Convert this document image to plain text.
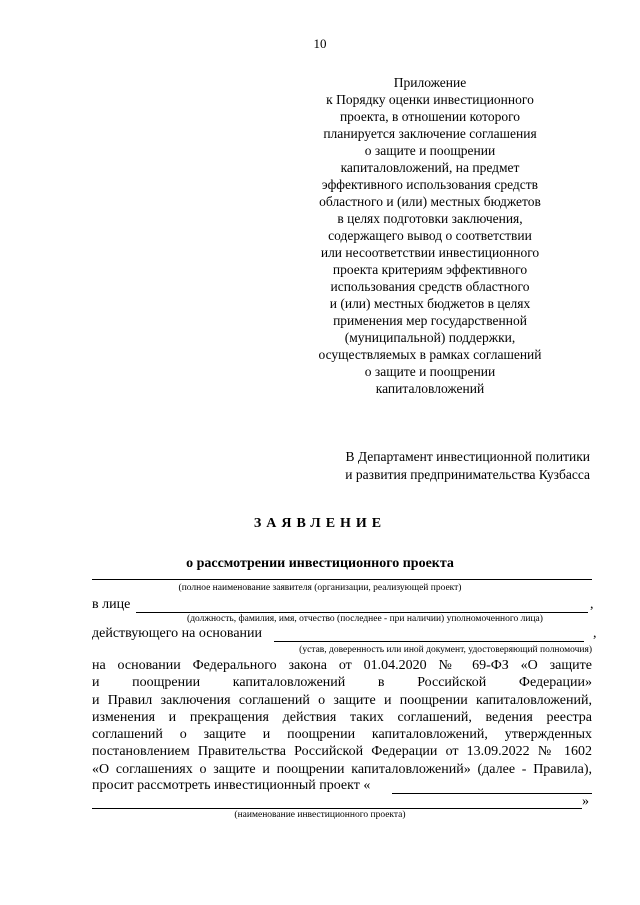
10
Приложение
к Порядку оценки инвестиционного
проекта, в отношении которого
планируется заключение соглашения
о защите и поощрении
капиталовложений, на предмет
эффективного использования средств
областного и (или) местных бюджетов
в целях подготовки заключения,
содержащего вывод о соответствии
или несоответствии инвестиционного
проекта критериям эффективного
использования средств областного
и (или) местных бюджетов в целях
применения мер государственной
(муниципальной) поддержки,
осуществляемых в рамках соглашений
о защите и поощрении
капиталовложений
В Департамент инвестиционной политики
и развития предпринимательства Кузбасса
ЗАЯВЛЕНИЕ
о рассмотрении инвестиционного проекта
(полное наименование заявителя (организации, реализующей проект)
в лице	,
(должность, фамилия, имя, отчество (последнее - при наличии) уполномоченного лица)
действующего на основании	,
(устав, доверенность или иной документ, удостоверяющий полномочия)
на основании Федерального закона от 01.04.2020 № 69-ФЗ «О защите
и поощрении капиталовложений в Российской Федерации»
и Правил заключения соглашений о защите и поощрении капиталовложений,
изменения и прекращения действия таких соглашений, ведения реестра
соглашений о защите и поощрении капиталовложений, утвержденных
постановлением Правительства Российской Федерации от 13.09.2022 № 1602
«О соглашениях о защите и поощрении капиталовложений» (далее - Правила),
просит рассмотреть инвестиционный проект «
»
(наименование инвестиционного проекта)
